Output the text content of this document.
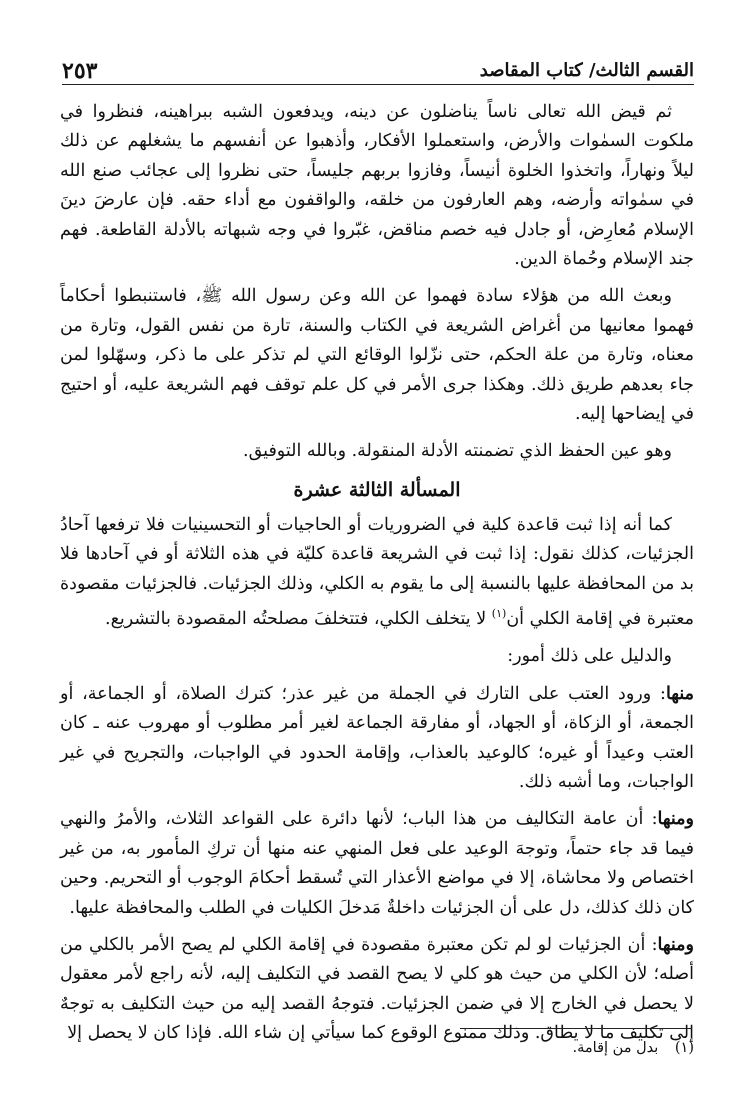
القسم الثالث/ كتاب المقاصد
٢٥٣

ثم قيض الله تعالى ناساً يناضلون عن دينه، ويدفعون الشبه ببراهينه، فنظروا في ملكوت السمٰوات والأرض، واستعملوا الأفكار، وأذهبوا عن أنفسهم ما يشغلهم عن ذلك ليلاً ونهاراً، واتخذوا الخلوة أنيساً، وفازوا بربهم جليساً، حتى نظروا إلى عجائب صنع الله في سمٰواته وأرضه، وهم العارفون من خلقه، والواقفون مع أداء حقه. فإن عارضَ دينَ الإسلام مُعارِض، أو جادل فيه خصم مناقض، غبّروا في وجه شبهاته بالأدلة القاطعة. فهم جند الإسلام وحُماة الدين.

وبعث الله من هؤلاء سادة فهموا عن الله وعن رسول الله ﷺ، فاستنبطوا أحكاماً فهموا معانيها من أغراض الشريعة في الكتاب والسنة، تارة من نفس القول، وتارة من معناه، وتارة من علة الحكم، حتى نزّلوا الوقائع التي لم تذكر على ما ذكر، وسهّلوا لمن جاء بعدهم طريق ذلك. وهكذا جرى الأمر في كل علم توقف فهم الشريعة عليه، أو احتيج في إيضاحها إليه.

وهو عين الحفظ الذي تضمنته الأدلة المنقولة. وبالله التوفيق.

المسألة الثالثة عشرة

كما أنه إذا ثبت قاعدة كلية في الضروريات أو الحاجيات أو التحسينيات فلا ترفعها آحادُ الجزئيات، كذلك نقول: إذا ثبت في الشريعة قاعدة كليّة في هذه الثلاثة أو في آحادها فلا بد من المحافظة عليها بالنسبة إلى ما يقوم به الكلي، وذلك الجزئيات. فالجزئيات مقصودة معتبرة في إقامة الكلي أن$^{(١)}$ لا يتخلف الكلي، فتتخلفَ مصلحتُه المقصودة بالتشريع.

والدليل على ذلك أمور:

منها: ورود العتب على التارك في الجملة من غير عذر؛ كترك الصلاة، أو الجماعة، أو الجمعة، أو الزكاة، أو الجهاد، أو مفارقة الجماعة لغير أمر مطلوب أو مهروب عنه ـ كان العتب وعيداً أو غيره؛ كالوعيد بالعذاب، وإقامة الحدود في الواجبات، والتجريح في غير الواجبات، وما أشبه ذلك.

ومنها: أن عامة التكاليف من هذا الباب؛ لأنها دائرة على القواعد الثلاث، والأمرُ والنهي فيما قد جاء حتماً، وتوجهَ الوعيد على فعل المنهي عنه منها أن تركِ المأمور به، من غير اختصاص ولا محاشاة، إلا في مواضع الأعذار التي تُسقط أحكامَ الوجوب أو التحريم. وحين كان ذلك كذلك، دل على أن الجزئيات داخلةٌ مَدخلَ الكليات في الطلب والمحافظة عليها.

ومنها: أن الجزئيات لو لم تكن معتبرة مقصودة في إقامة الكلي لم يصح الأمر بالكلي من أصله؛ لأن الكلي من حيث هو كلي لا يصح القصد في التكليف إليه، لأنه راجع لأمر معقول لا يحصل في الخارج إلا في ضمن الجزئيات. فتوجهُ القصد إليه من حيث التكليف به توجهٌ إلى تكليف ما لا يطاق. وذلك ممنوع الوقوع كما سيأتي إن شاء الله. فإذا كان لا يحصل إلا

(١) بدل من إقامة.
